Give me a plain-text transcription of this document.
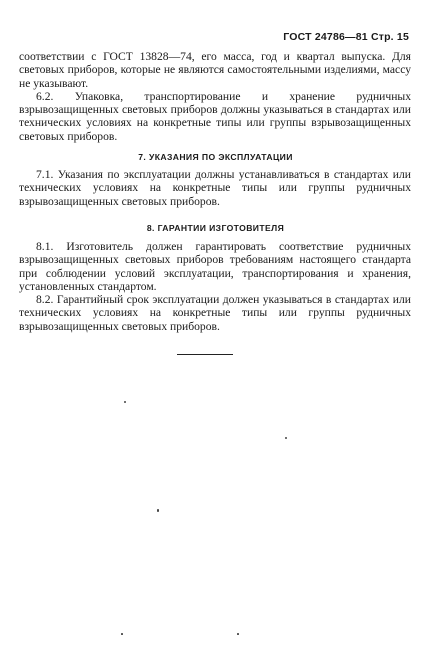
ГОСТ 24786—81 Стр. 15

соответствии с ГОСТ 13828—74, его масса, год и квартал выпуска. Для световых приборов, которые не являются самостоятельными изделиями, массу не указывают.

6.2. Упаковка, транспортирование и хранение рудничных взрывозащищенных световых приборов должны указываться в стандартах или технических условиях на конкретные типы или группы взрывозащищенных световых приборов.

7. УКАЗАНИЯ ПО ЭКСПЛУАТАЦИИ

7.1. Указания по эксплуатации должны устанавливаться в стандартах или технических условиях на конкретные типы или группы рудничных взрывозащищенных световых приборов.

8. ГАРАНТИИ ИЗГОТОВИТЕЛЯ

8.1. Изготовитель должен гарантировать соответствие рудничных взрывозащищенных световых приборов требованиям настоящего стандарта при соблюдении условий эксплуатации, транспортирования и хранения, установленных стандартом.

8.2. Гарантийный срок эксплуатации должен указываться в стандартах или технических условиях на конкретные типы или группы рудничных взрывозащищенных световых приборов.
